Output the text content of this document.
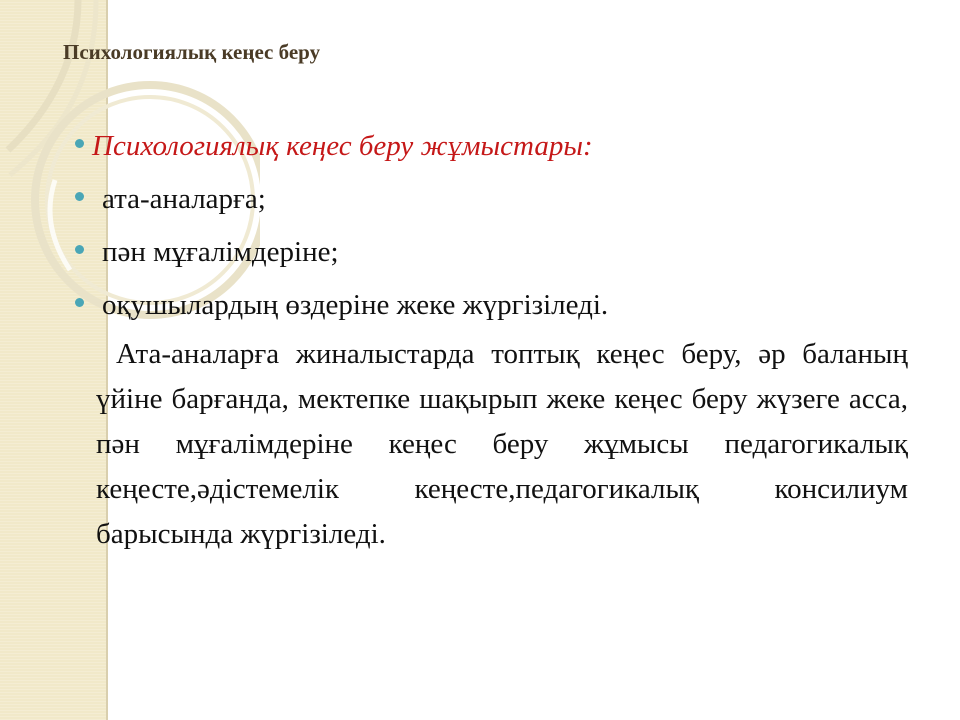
Психологиялық кеңес беру
Психологиялық кеңес беру жұмыстары:
ата-аналарға;
пән мұғалімдеріне;
оқушылардың өздеріне жеке жүргізіледі.

Ата-аналарға жиналыстарда топтық кеңес беру, әр баланың үйіне барғанда, мектепке шақырып жеке кеңес беру жүзеге асса, пән мұғалімдеріне кеңес беру жұмысы педагогикалық кеңесте,әдістемелік кеңесте,педагогикалық консилиум барысында жүргізіледі.
